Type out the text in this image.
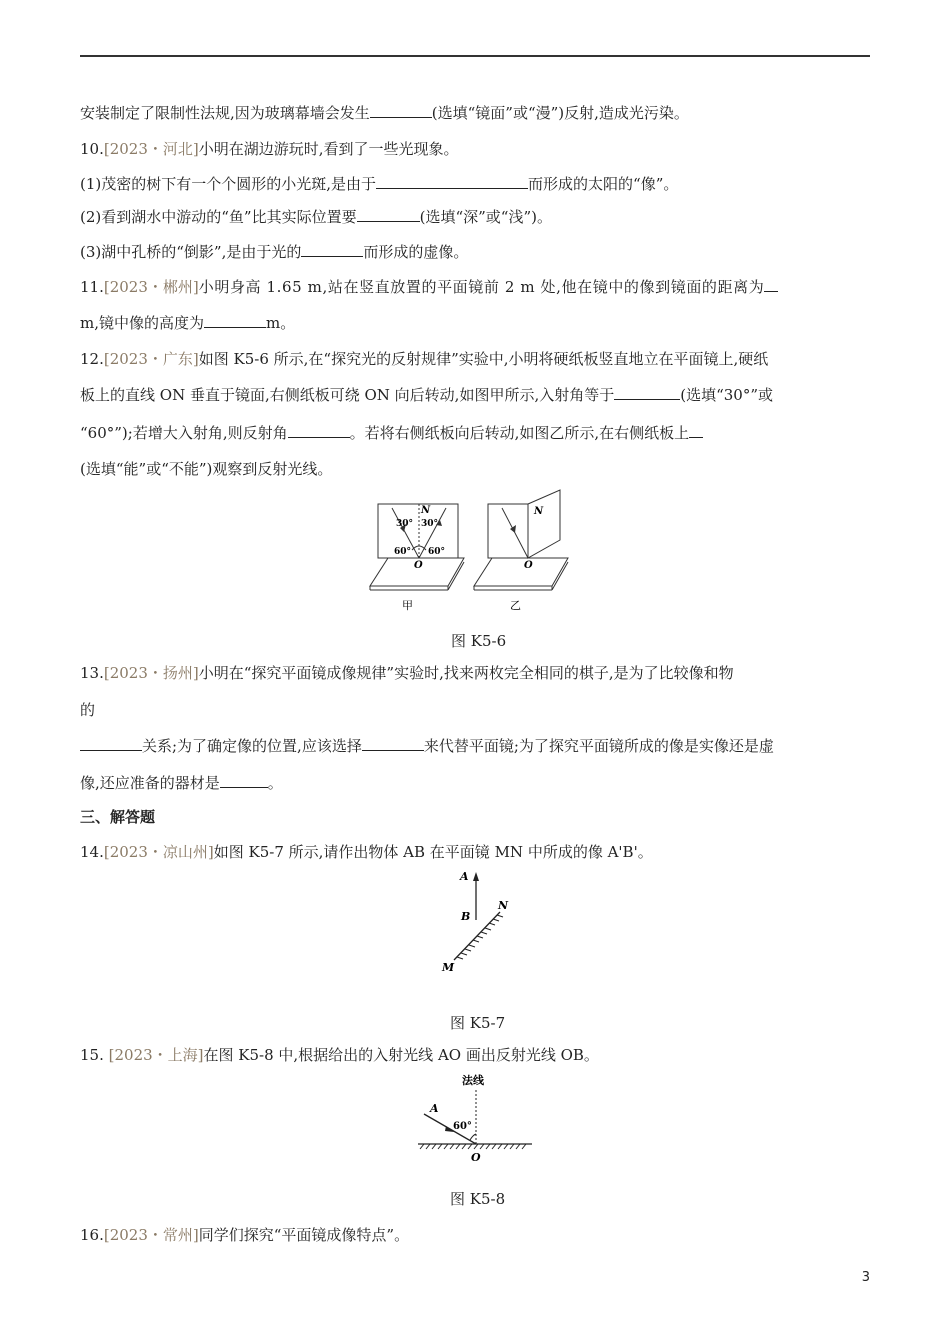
安装制定了限制性法规,因为玻璃幕墙会发生	(选填“镜面”或“漫”)反射,造成光污染。
10.[2023・河北]小明在湖边游玩时,看到了一些光现象。
(1)茂密的树下有一个个圆形的小光斑,是由于	而形成的太阳的“像”。
(2)看到湖水中游动的“鱼”比其实际位置要	(选填“深”或“浅”)。
(3)湖中孔桥的“倒影”,是由于光的	而形成的虚像。
11.[2023・郴州]小明身高 1.65 m,站在竖直放置的平面镜前 2 m 处,他在镜中的像到镜面的距离为
m,镜中像的高度为	m。
12.[2023・广东]如图 K5-6 所示,在“探究光的反射规律”实验中,小明将硬纸板竖直地立在平面镜上,硬纸
板上的直线 ON 垂直于镜面,右侧纸板可绕 ON 向后转动,如图甲所示,入射角等于	(选填“30°”或
“60°”);若增大入射角,则反射角	。若将右侧纸板向后转动,如图乙所示,在右侧纸板上
(选填“能”或“不能”)观察到反射光线。
N
30° 30°
60° 60°
O
甲
N
O
乙
图 K5-6
13.[2023・扬州]小明在“探究平面镜成像规律”实验时,找来两枚完全相同的棋子,是为了比较像和物
的
关系;为了确定像的位置,应该选择	来代替平面镜;为了探究平面镜所成的像是实像还是虚
像,还应准备的器材是	。
三、解答题
14.[2023・凉山州]如图 K5-7 所示,请作出物体 AB 在平面镜 MN 中所成的像 A'B'。
A
B
N
M
图 K5-7
15. [2023・上海]在图 K5-8 中,根据给出的入射光线 AO 画出反射光线 OB。
法线
A
60°
O
图 K5-8
16.[2023・常州]同学们探究“平面镜成像特点”。
3
